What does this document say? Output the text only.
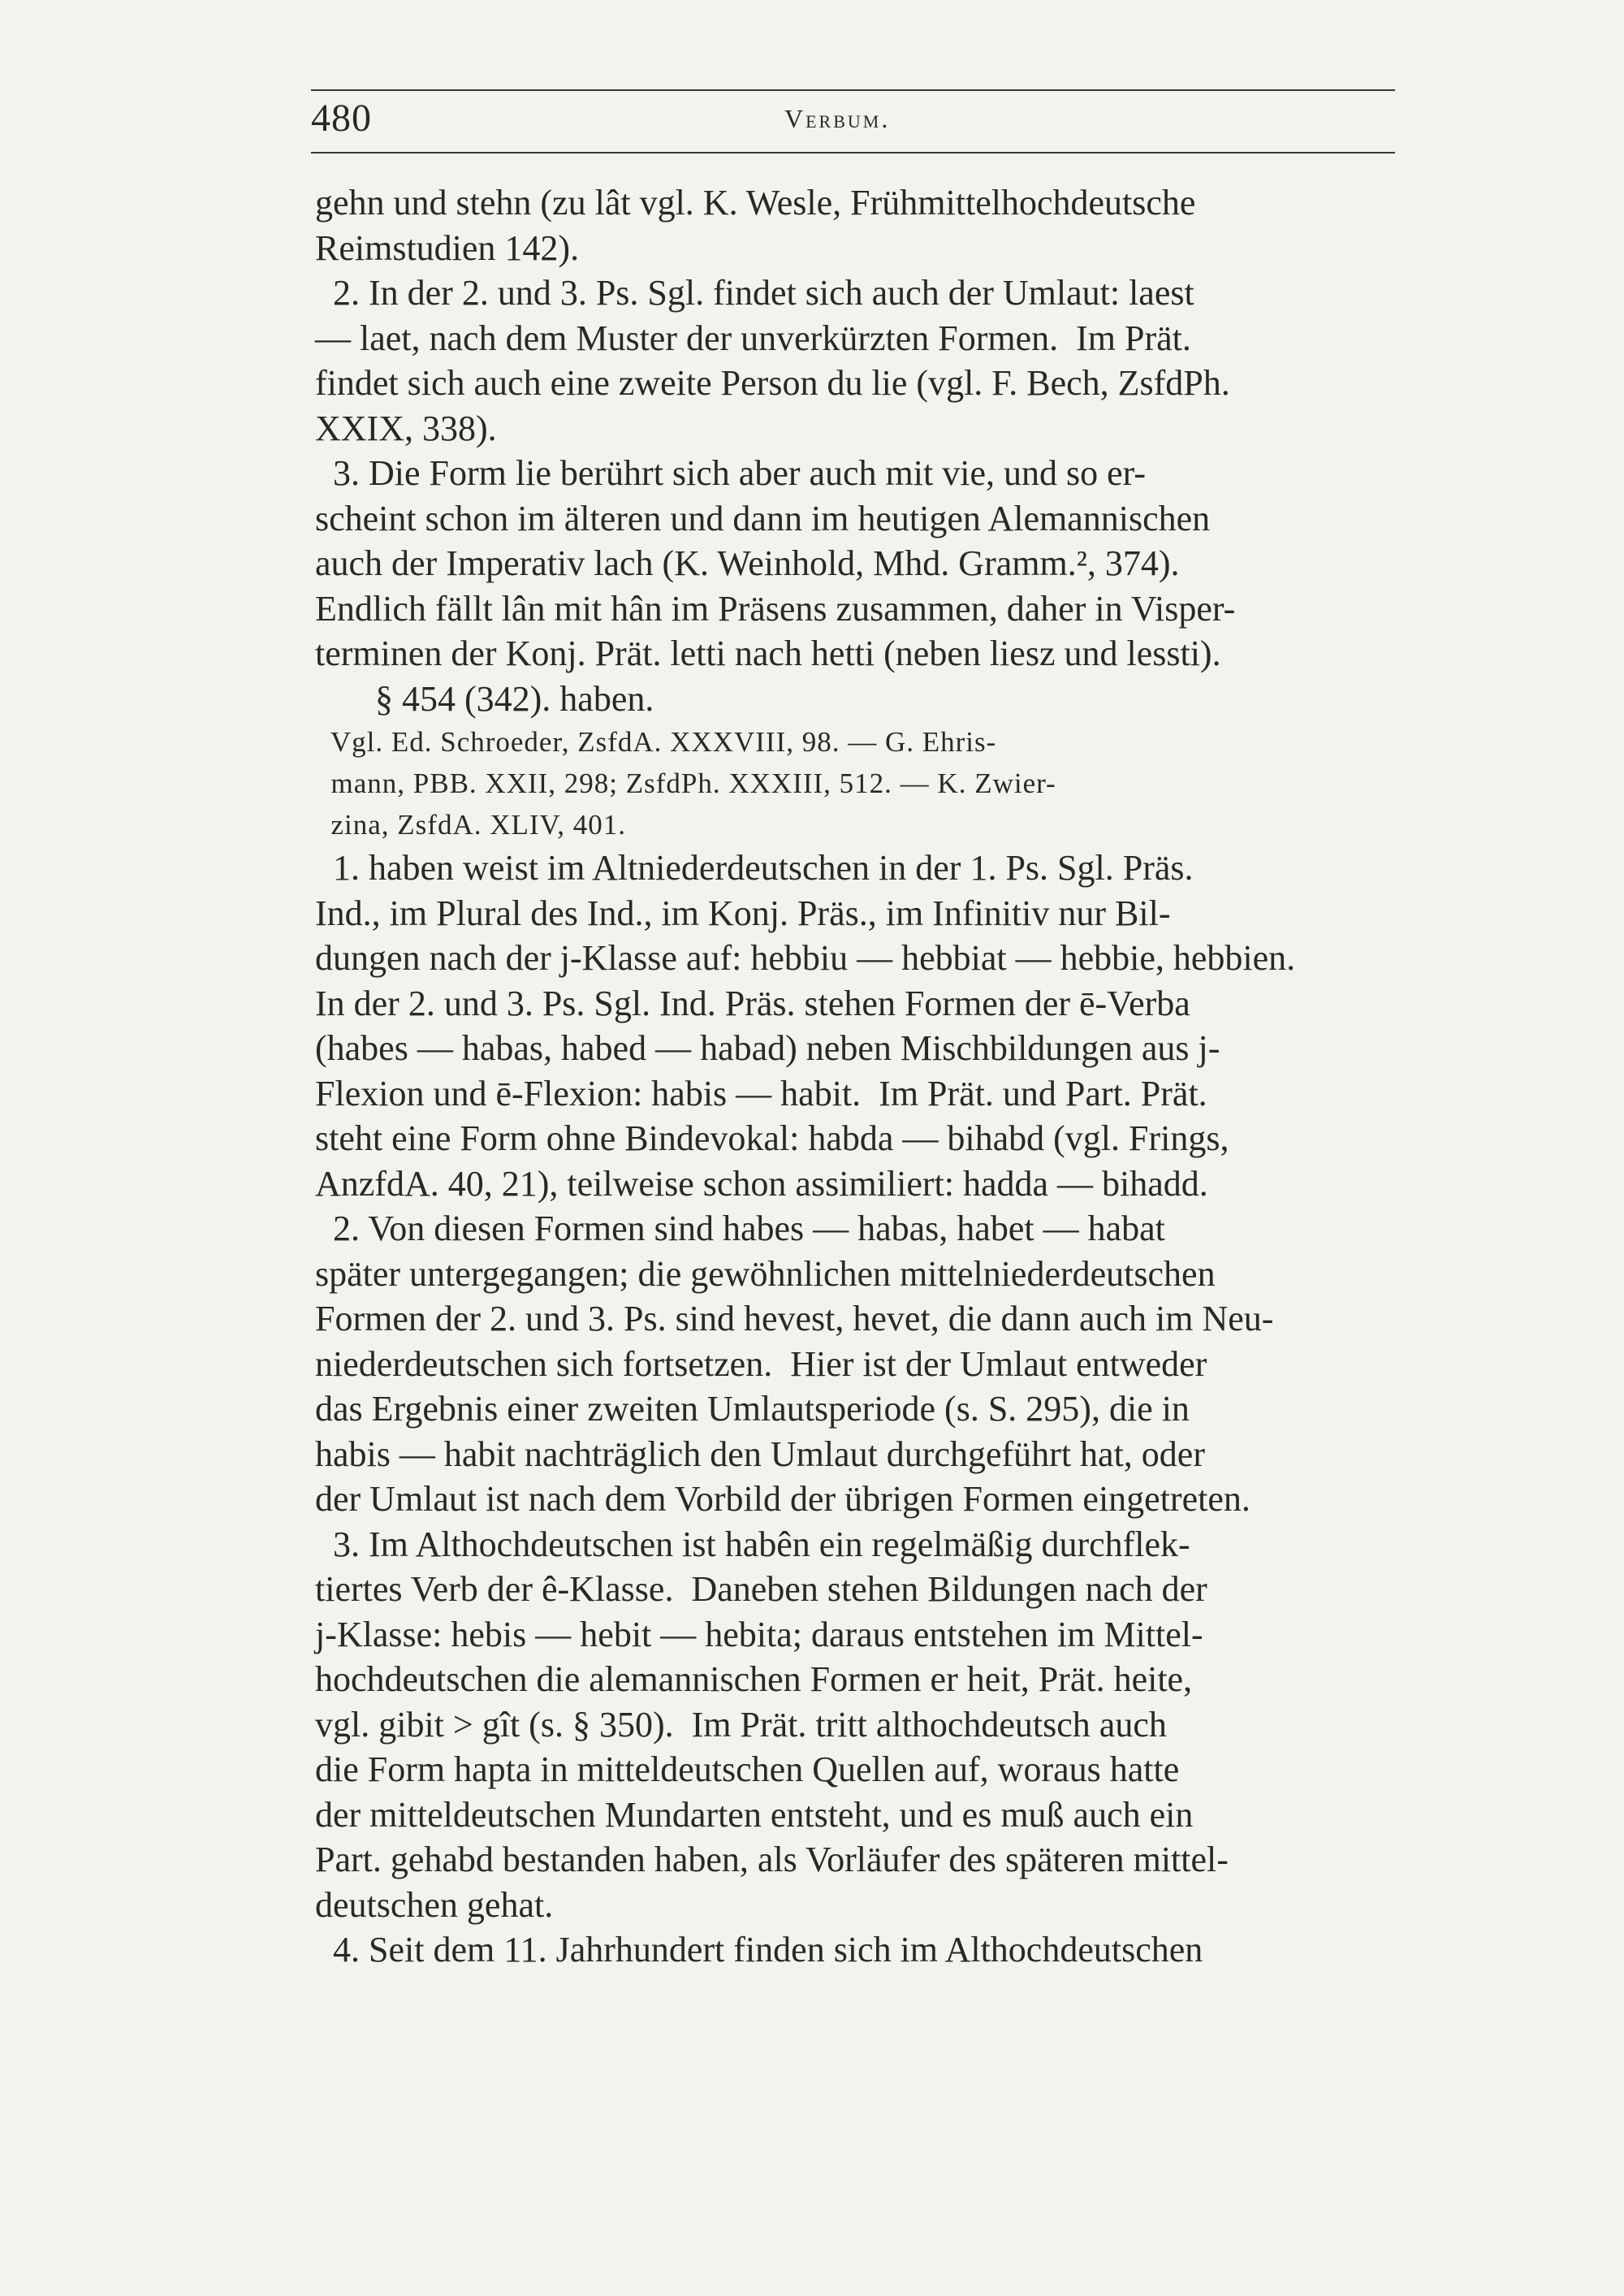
480	Verbum.
gehn und stehn (zu lât vgl. K. Wesle, Frühmittelhochdeutsche
Reimstudien 142).
2. In der 2. und 3. Ps. Sgl. findet sich auch der Umlaut: laest
— laet, nach dem Muster der unverkürzten Formen.  Im Prät.
findet sich auch eine zweite Person du lie (vgl. F. Bech, ZsfdPh.
XXIX, 338).
3. Die Form lie berührt sich aber auch mit vie, und so er-
scheint schon im älteren und dann im heutigen Alemannischen
auch der Imperativ lach (K. Weinhold, Mhd. Gramm.², 374).
Endlich fällt lân mit hân im Präsens zusammen, daher in Visper-
terminen der Konj. Prät. letti nach hetti (neben liesz und lessti).
§ 454 (342). haben.
Vgl. Ed. Schroeder, ZsfdA. XXXVIII, 98. — G. Ehris-
mann, PBB. XXII, 298; ZsfdPh. XXXIII, 512. — K. Zwier-
zina, ZsfdA. XLIV, 401.
1. haben weist im Altniederdeutschen in der 1. Ps. Sgl. Präs.
Ind., im Plural des Ind., im Konj. Präs., im Infinitiv nur Bil-
dungen nach der j-Klasse auf: hebbiu — hebbiat — hebbie, hebbien.
In der 2. und 3. Ps. Sgl. Ind. Präs. stehen Formen der ē-Verba
(habes — habas, habed — habad) neben Mischbildungen aus j-
Flexion und ē-Flexion: habis — habit.  Im Prät. und Part. Prät.
steht eine Form ohne Bindevokal: habda — bihabd (vgl. Frings,
AnzfdA. 40, 21), teilweise schon assimiliert: hadda — bihadd.
2. Von diesen Formen sind habes — habas, habet — habat
später untergegangen; die gewöhnlichen mittelniederdeutschen
Formen der 2. und 3. Ps. sind hevest, hevet, die dann auch im Neu-
niederdeutschen sich fortsetzen.  Hier ist der Umlaut entweder
das Ergebnis einer zweiten Umlautsperiode (s. S. 295), die in
habis — habit nachträglich den Umlaut durchgeführt hat, oder
der Umlaut ist nach dem Vorbild der übrigen Formen eingetreten.
3. Im Althochdeutschen ist habên ein regelmäßig durchflek-
tiertes Verb der ê-Klasse.  Daneben stehen Bildungen nach der
j-Klasse: hebis — hebit — hebita; daraus entstehen im Mittel-
hochdeutschen die alemannischen Formen er heit, Prät. heite,
vgl. gibit > gît (s. § 350).  Im Prät. tritt althochdeutsch auch
die Form hapta in mitteldeutschen Quellen auf, woraus hatte
der mitteldeutschen Mundarten entsteht, und es muß auch ein
Part. gehabd bestanden haben, als Vorläufer des späteren mittel-
deutschen gehat.
4. Seit dem 11. Jahrhundert finden sich im Althochdeutschen
